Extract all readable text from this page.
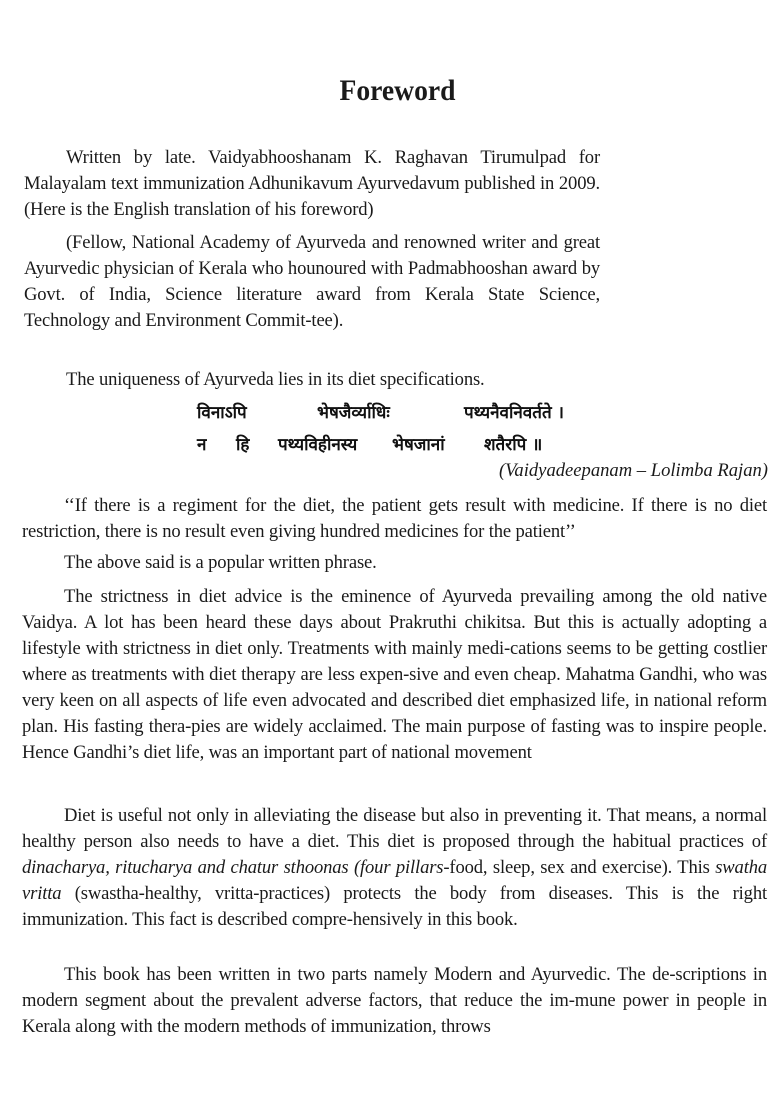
Foreword

Written by late. Vaidyabhooshanam K. Raghavan Tirumulpad for Malayalam text immunization Adhunikavum Ayurvedavum published in 2009. (Here is the English translation of his foreword)

(Fellow, National Academy of Ayurveda and renowned writer and great Ayurvedic physician of Kerala who hounoured with Padmabhooshan award by Govt. of India, Science literature award from Kerala State Science, Technology and Environment Commit-tee).

The uniqueness of Ayurveda lies in its diet specifications.

विनाऽपि	भेषजैर्व्याधिः	पथ्यनैवनिवर्तते ।
न हि पथ्यविहीनस्य भेषजानां शतैरपि ॥
(Vaidyadeepanam – Lolimba Rajan)

‘‘If there is a regiment for the diet, the patient gets result with medicine. If there is no diet restriction, there is no result even giving hundred medicines for the patient’’

The above said is a popular written phrase.

The strictness in diet advice is the eminence of Ayurveda prevailing among the old native Vaidya. A lot has been heard these days about Prakruthi chikitsa. But this is actually adopting a lifestyle with strictness in diet only. Treatments with mainly medi-cations seems to be getting costlier where as treatments with diet therapy are less expen-sive and even cheap. Mahatma Gandhi, who was very keen on all aspects of life even advocated and described diet emphasized life, in national reform plan. His fasting thera-pies are widely acclaimed. The main purpose of fasting was to inspire people. Hence Gandhi’s diet life, was an important part of national movement

Diet is useful not only in alleviating the disease but also in preventing it. That means, a normal healthy person also needs to have a diet. This diet is proposed through the habitual practices of dinacharya, ritucharya and chatur sthoonas (four pillars-food, sleep, sex and exercise). This swatha vritta (swastha-healthy, vritta-practices) protects the body from diseases. This is the right immunization. This fact is described compre-hensively in this book.

This book has been written in two parts namely Modern and Ayurvedic. The de-scriptions in modern segment about the prevalent adverse factors, that reduce the im-mune power in people in Kerala along with the modern methods of immunization, throws
